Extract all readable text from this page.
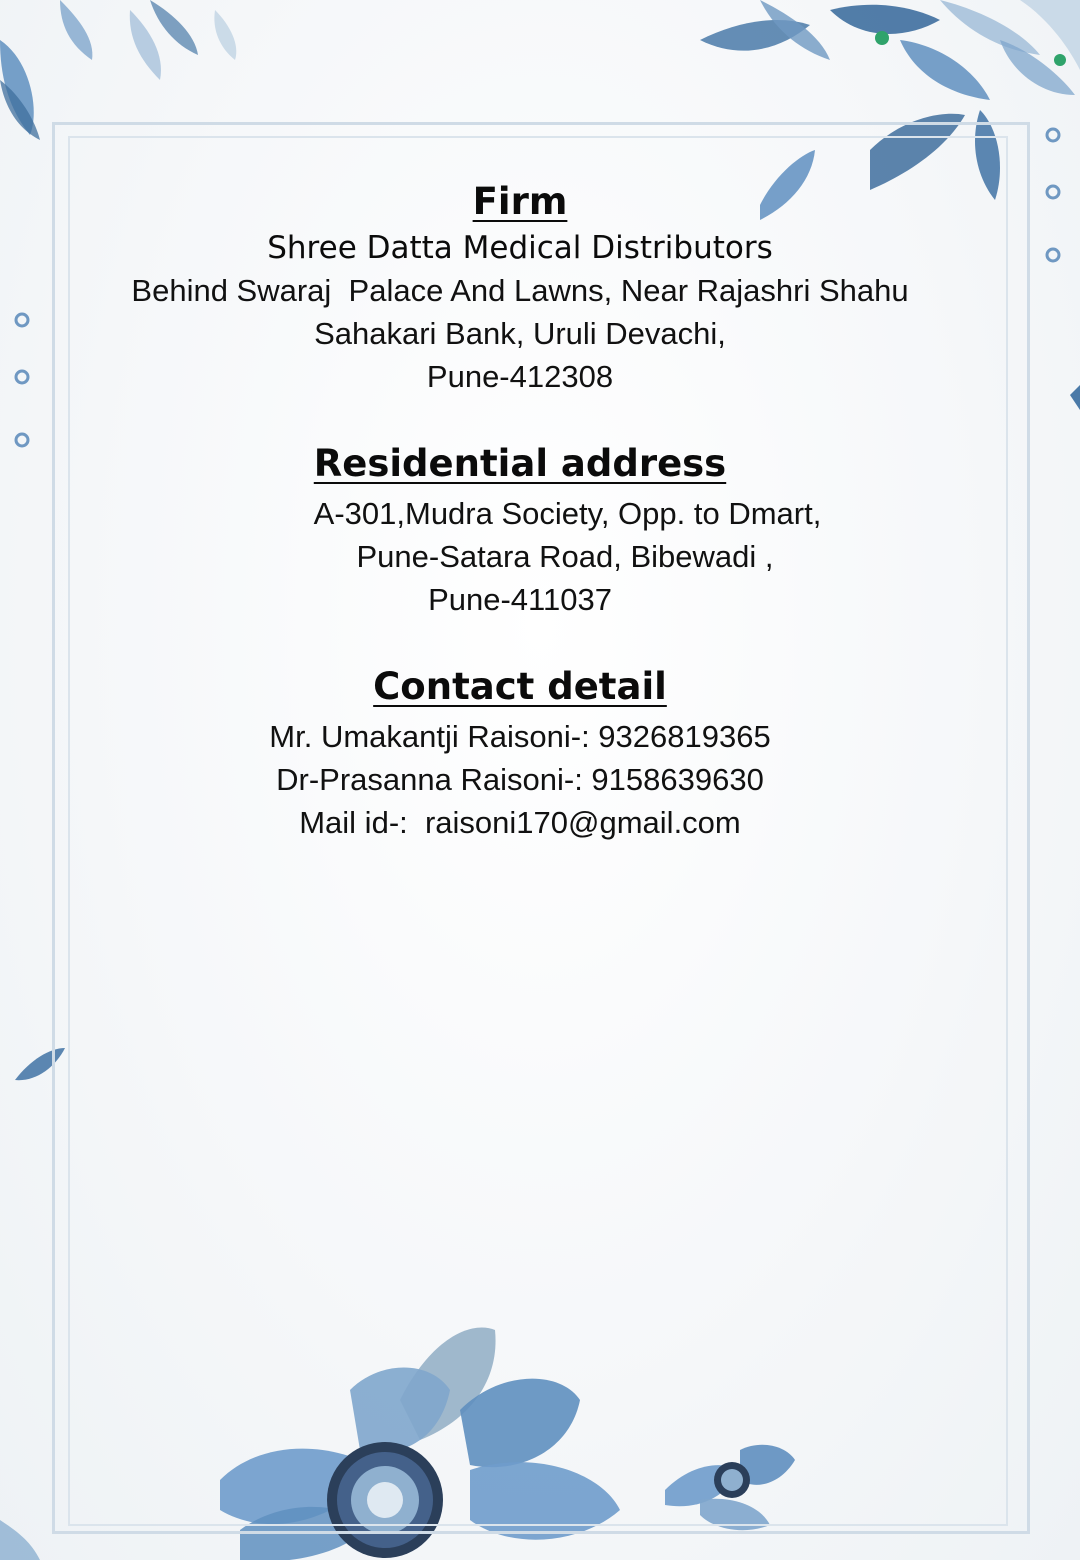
Firm

Shree Datta Medical Distributors

Behind Swaraj  Palace And Lawns, Near Rajashri Shahu

Sahakari Bank, Uruli Devachi,

Pune-412308

Residential address

A-301,Mudra Society, Opp. to Dmart,

Pune-Satara Road, Bibewadi ,

Pune-411037

Contact detail

Mr. Umakantji Raisoni-: 9326819365

Dr-Prasanna Raisoni-: 9158639630

Mail id-:  raisoni170@gmail.com
